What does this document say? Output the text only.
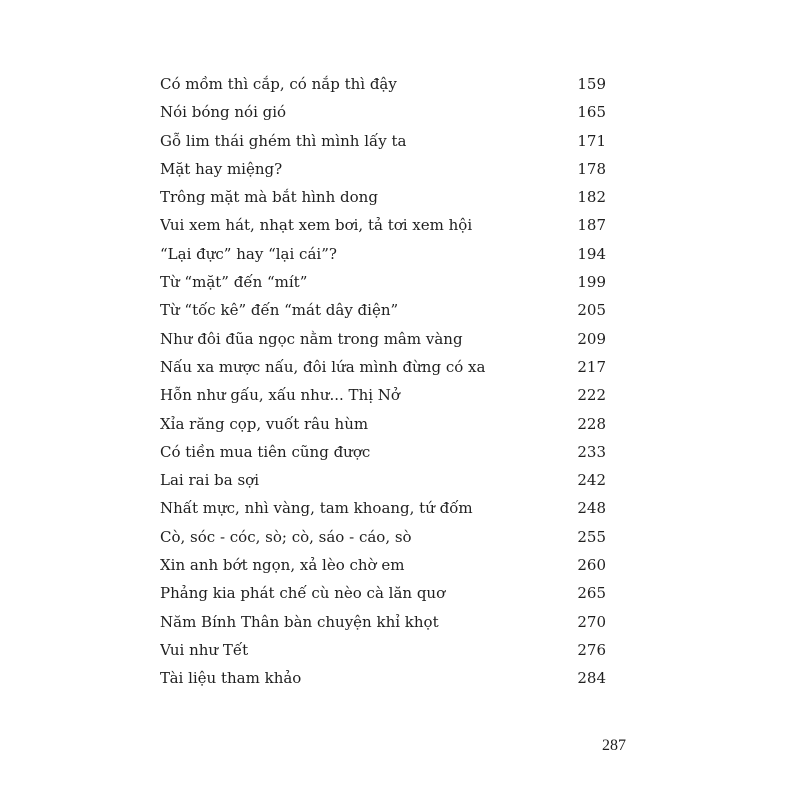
Có mồm thì cắp, có nắp thì đậy	159
Nói bóng nói gió	165
Gỗ lim thái ghém thì mình lấy ta	171
Mặt hay miệng?	178
Trông mặt mà bắt hình dong	182
Vui xem hát, nhạt xem bơi, tả tơi xem hội	187
“Lại đực” hay “lại cái”?	194
Từ “mặt” đến “mít”	199
Từ “tốc kê” đến “mát dây điện”	205
Như đôi đũa ngọc nằm trong mâm vàng	209
Nấu xa mược nấu, đôi lứa mình đừng có xa	217
Hỗn như gấu, xấu như... Thị Nở	222
Xỉa răng cọp, vuốt râu hùm	228
Có tiền mua tiên cũng được	233
Lai rai ba sợi	242
Nhất mực, nhì vàng, tam khoang, tứ đốm	248
Cò, sóc - cóc, sò; cò, sáo - cáo, sò	255
Xin anh bớt ngọn, xả lèo chờ em	260
Phảng kia phát chế cù nèo cà lăn quơ	265
Năm Bính Thân bàn chuyện khỉ khọt	270
Vui như Tết	276
Tài liệu tham khảo	284
287
